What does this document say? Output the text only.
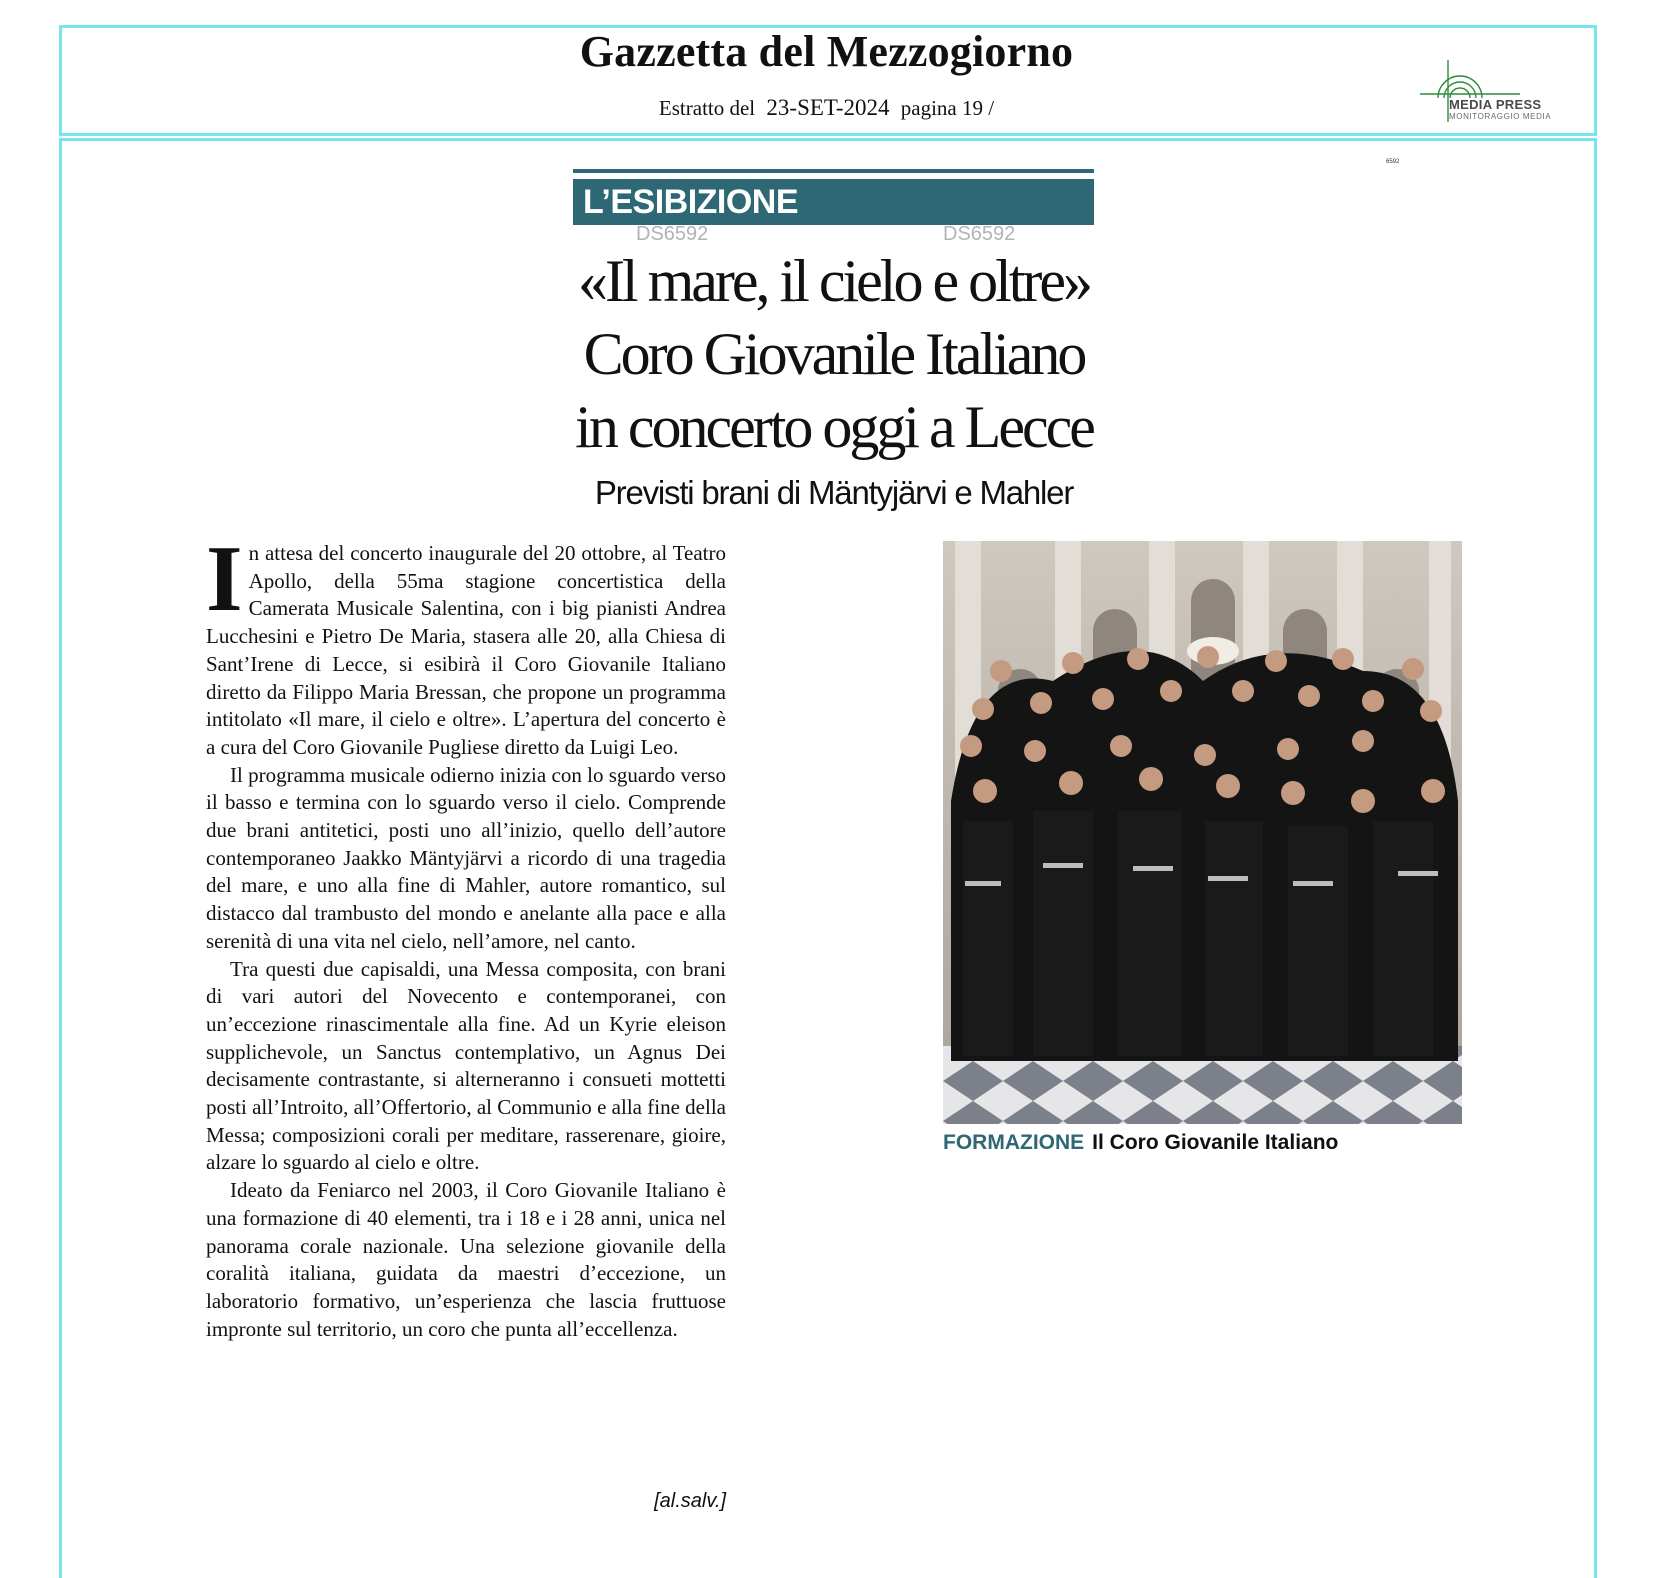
Gazzetta del Mezzogiorno
Estratto del 23-SET-2024 pagina 19 /	MEDIA PRESS
MONITORAGGIO MEDIA
6592
L’ESIBIZIONE
DS6592	DS6592
«Il mare, il cielo e oltre»
Coro Giovanile Italiano
in concerto oggi a Lecce
Previsti brani di Mäntyjärvi e Mahler

In attesa del concerto inaugurale del 20 ottobre, al Teatro Apollo, della 55ma stagione concertistica della Camerata Musicale Salentina, con i big pianisti Andrea Lucchesini e Pietro De Maria, stasera alle 20, alla Chiesa di Sant’Irene di Lecce, si esibirà il Coro Giovanile Italiano diretto da Filippo Maria Bressan, che propone un programma intitolato «Il mare, il cielo e oltre». L’apertura del concerto è a cura del Coro Giovanile Pugliese diretto da Luigi Leo.

Il programma musicale odierno inizia con lo sguardo verso il basso e termina con lo sguardo verso il cielo. Comprende due brani antitetici, posti uno all’inizio, quello dell’autore contemporaneo Jaakko Mäntyjärvi a ricordo di una tragedia del mare, e uno alla fine di Mahler, autore romantico, sul distacco dal trambusto del mondo e anelante alla pace e alla serenità di una vita nel cielo, nell’amore, nel canto.

Tra questi due capisaldi, una Messa composita, con brani di vari autori del Novecento e contemporanei, con un’eccezione rinascimentale alla fine. Ad un Kyrie eleison supplichevole, un Sanctus contemplativo, un Agnus Dei decisamente contrastante, si alterneranno i consueti mottetti posti all’Introito, all’Offertorio, al Communio e alla fine della Messa; composizioni corali per meditare, rasserenare, gioire, alzare lo sguardo al cielo e oltre.

Ideato da Feniarco nel 2003, il Coro Giovanile Italiano è una formazione di 40 elementi, tra i 18 e i 28 anni, unica nel panorama corale nazionale. Una selezione giovanile della coralità italiana, guidata da maestri d’eccezione, un laboratorio formativo, un’esperienza che lascia fruttuose impronte sul territorio, un coro che punta all’eccellenza.

[al.salv.]
FORMAZIONE Il Coro Giovanile Italiano
